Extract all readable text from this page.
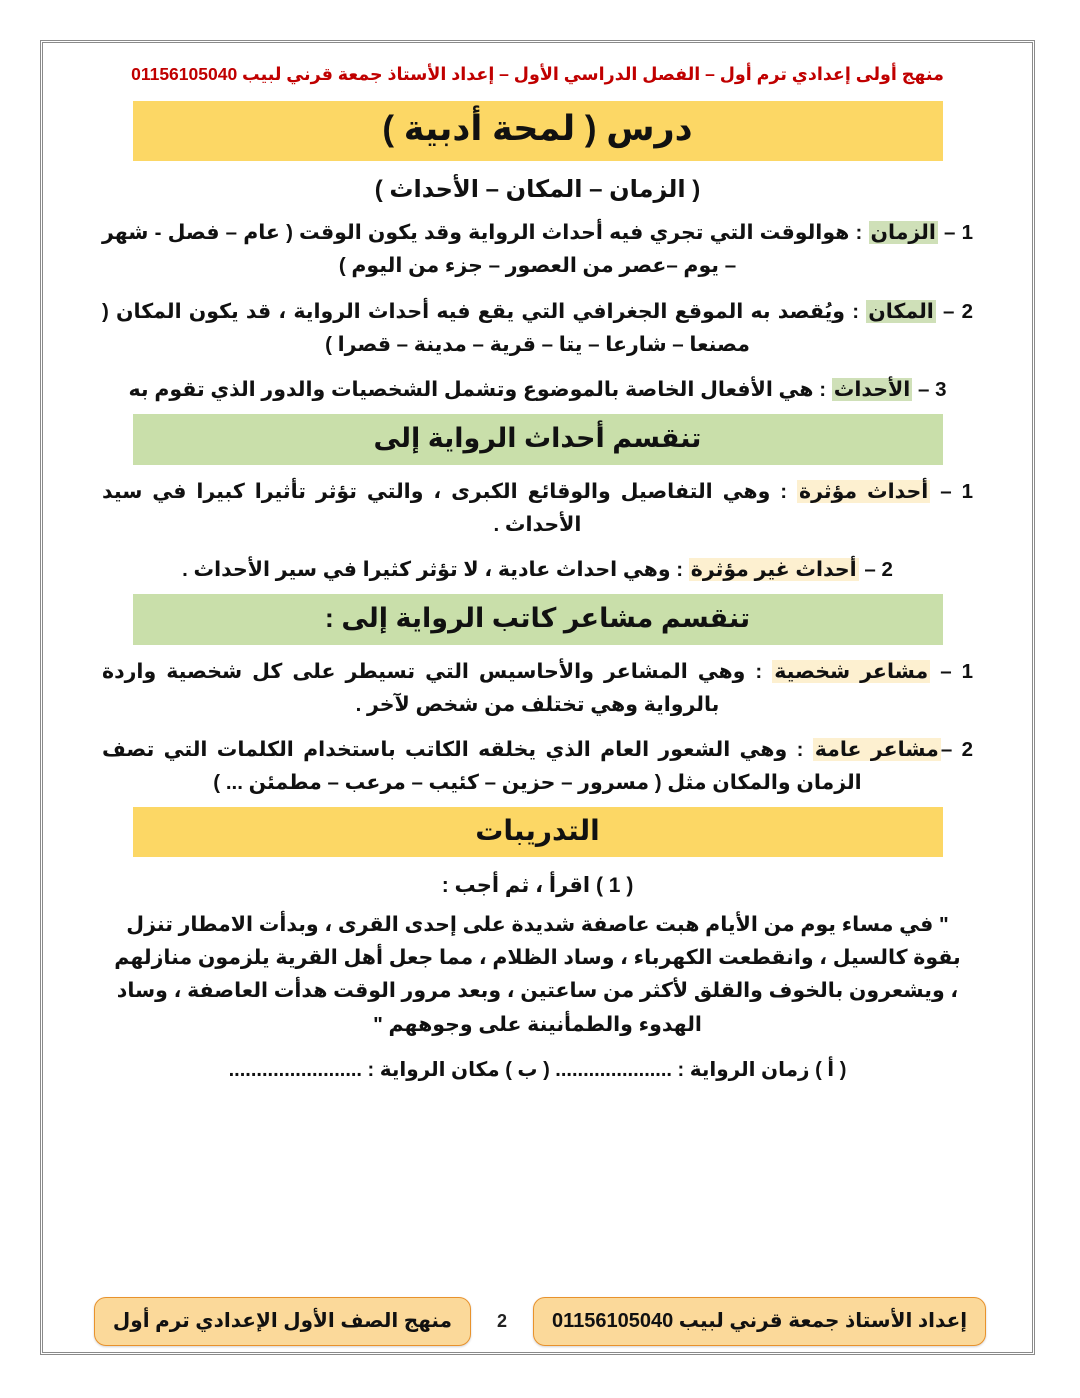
منهج أولى إعدادي ترم أول – الفصل الدراسي الأول – إعداد الأستاذ جمعة قرني لبيب 01156105040
درس ( لمحة أدبية )
( الزمان – المكان – الأحداث )
1 – الزمان : هوالوقت التي تجري فيه أحداث الرواية وقد يكون الوقت ( عام – فصل - شهر – يوم –عصر من العصور – جزء من اليوم )
2 – المكان : ويُقصد به الموقع الجغرافي التي يقع فيه أحداث الرواية ، قد يكون المكان ( مصنعا – شارعا – يتا – قرية – مدينة – قصرا )
3 – الأحداث : هي الأفعال الخاصة بالموضوع وتشمل الشخصيات والدور الذي تقوم به
تنقسم أحداث الرواية إلى
1 – أحداث مؤثرة : وهي التفاصيل والوقائع الكبرى ، والتي تؤثر تأثيرا كبيرا في سيد الأحداث .
2 – أحداث غير مؤثرة : وهي احداث عادية ، لا تؤثر كثيرا في سير الأحداث .
تنقسم مشاعر كاتب الرواية إلى :
1 – مشاعر شخصية : وهي المشاعر والأحاسيس التي تسيطر على كل شخصية واردة بالرواية وهي تختلف من شخص لآخر .
2 –مشاعر عامة : وهي الشعور العام الذي يخلقه الكاتب باستخدام الكلمات التي تصف الزمان والمكان مثل ( مسرور – حزين – كئيب – مرعب – مطمئن ... )
التدريبات
( 1 ) اقرأ ، ثم أجب :
" في مساء يوم من الأيام هبت عاصفة شديدة على إحدى القرى ، وبدأت الامطار تنزل بقوة كالسيل ، وانقطعت الكهرباء ، وساد الظلام ، مما جعل أهل القرية يلزمون منازلهم ، ويشعرون بالخوف والقلق لأكثر من ساعتين ، وبعد مرور الوقت هدأت العاصفة ، وساد الهدوء والطمأنينة على وجوههم "
( أ ) زمان الرواية : ..................... ( ب ) مكان الرواية : ........................
منهج الصف الأول الإعدادي ترم أول	2	إعداد الأستاذ جمعة قرني لبيب 01156105040
